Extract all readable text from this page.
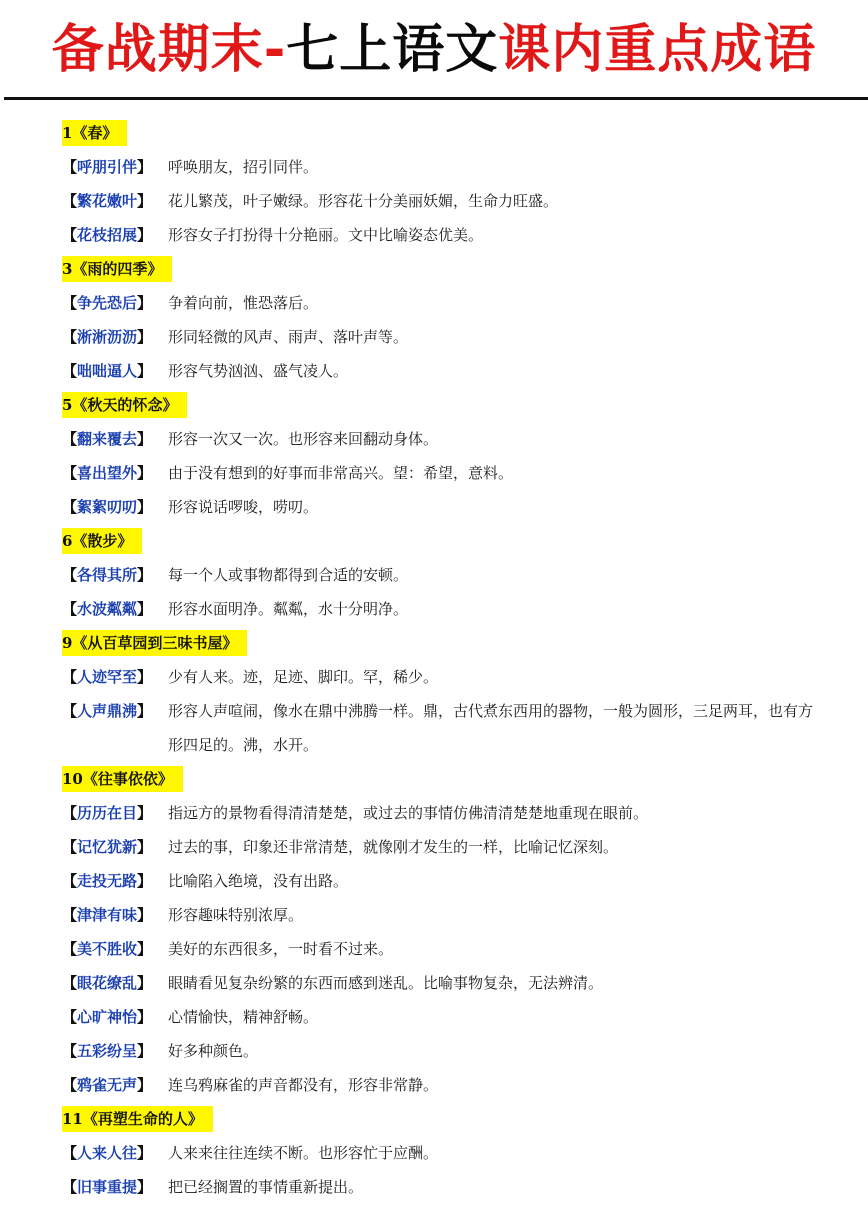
备战期末-七上语文课内重点成语
1《春》
【呼朋引伴】	呼唤朋友，招引同伴。
【繁花嫩叶】	花儿繁茂，叶子嫩绿。形容花十分美丽妖媚，生命力旺盛。
【花枝招展】	形容女子打扮得十分艳丽。文中比喻姿态优美。
3《雨的四季》
【争先恐后】	争着向前，惟恐落后。
【淅淅沥沥】	形同轻微的风声、雨声、落叶声等。
【咄咄逼人】	形容气势汹汹、盛气凌人。
5《秋天的怀念》
【翻来覆去】	形容一次又一次。也形容来回翻动身体。
【喜出望外】	由于没有想到的好事而非常高兴。望：希望，意料。
【絮絮叨叨】	形容说话啰唆，唠叨。
6《散步》
【各得其所】	每一个人或事物都得到合适的安顿。
【水波粼粼】	形容水面明净。粼粼，水十分明净。
9《从百草园到三味书屋》
【人迹罕至】	少有人来。迹，足迹、脚印。罕，稀少。
【人声鼎沸】	形容人声喧闹，像水在鼎中沸腾一样。鼎，古代煮东西用的器物，一般为圆形，三足两耳，也有方形四足的。沸，水开。
10《往事依依》
【历历在目】	指远方的景物看得清清楚楚，或过去的事情仿佛清清楚楚地重现在眼前。
【记忆犹新】	过去的事，印象还非常清楚，就像刚才发生的一样，比喻记忆深刻。
【走投无路】	比喻陷入绝境，没有出路。
【津津有味】	形容趣味特别浓厚。
【美不胜收】	美好的东西很多，一时看不过来。
【眼花缭乱】	眼睛看见复杂纷繁的东西而感到迷乱。比喻事物复杂，无法辨清。
【心旷神怡】	心情愉快，精神舒畅。
【五彩纷呈】	好多种颜色。
【鸦雀无声】	连乌鸦麻雀的声音都没有，形容非常静。
11《再塑生命的人》
【人来人往】	人来来往往连续不断。也形容忙于应酬。
【旧事重提】	把已经搁置的事情重新提出。
